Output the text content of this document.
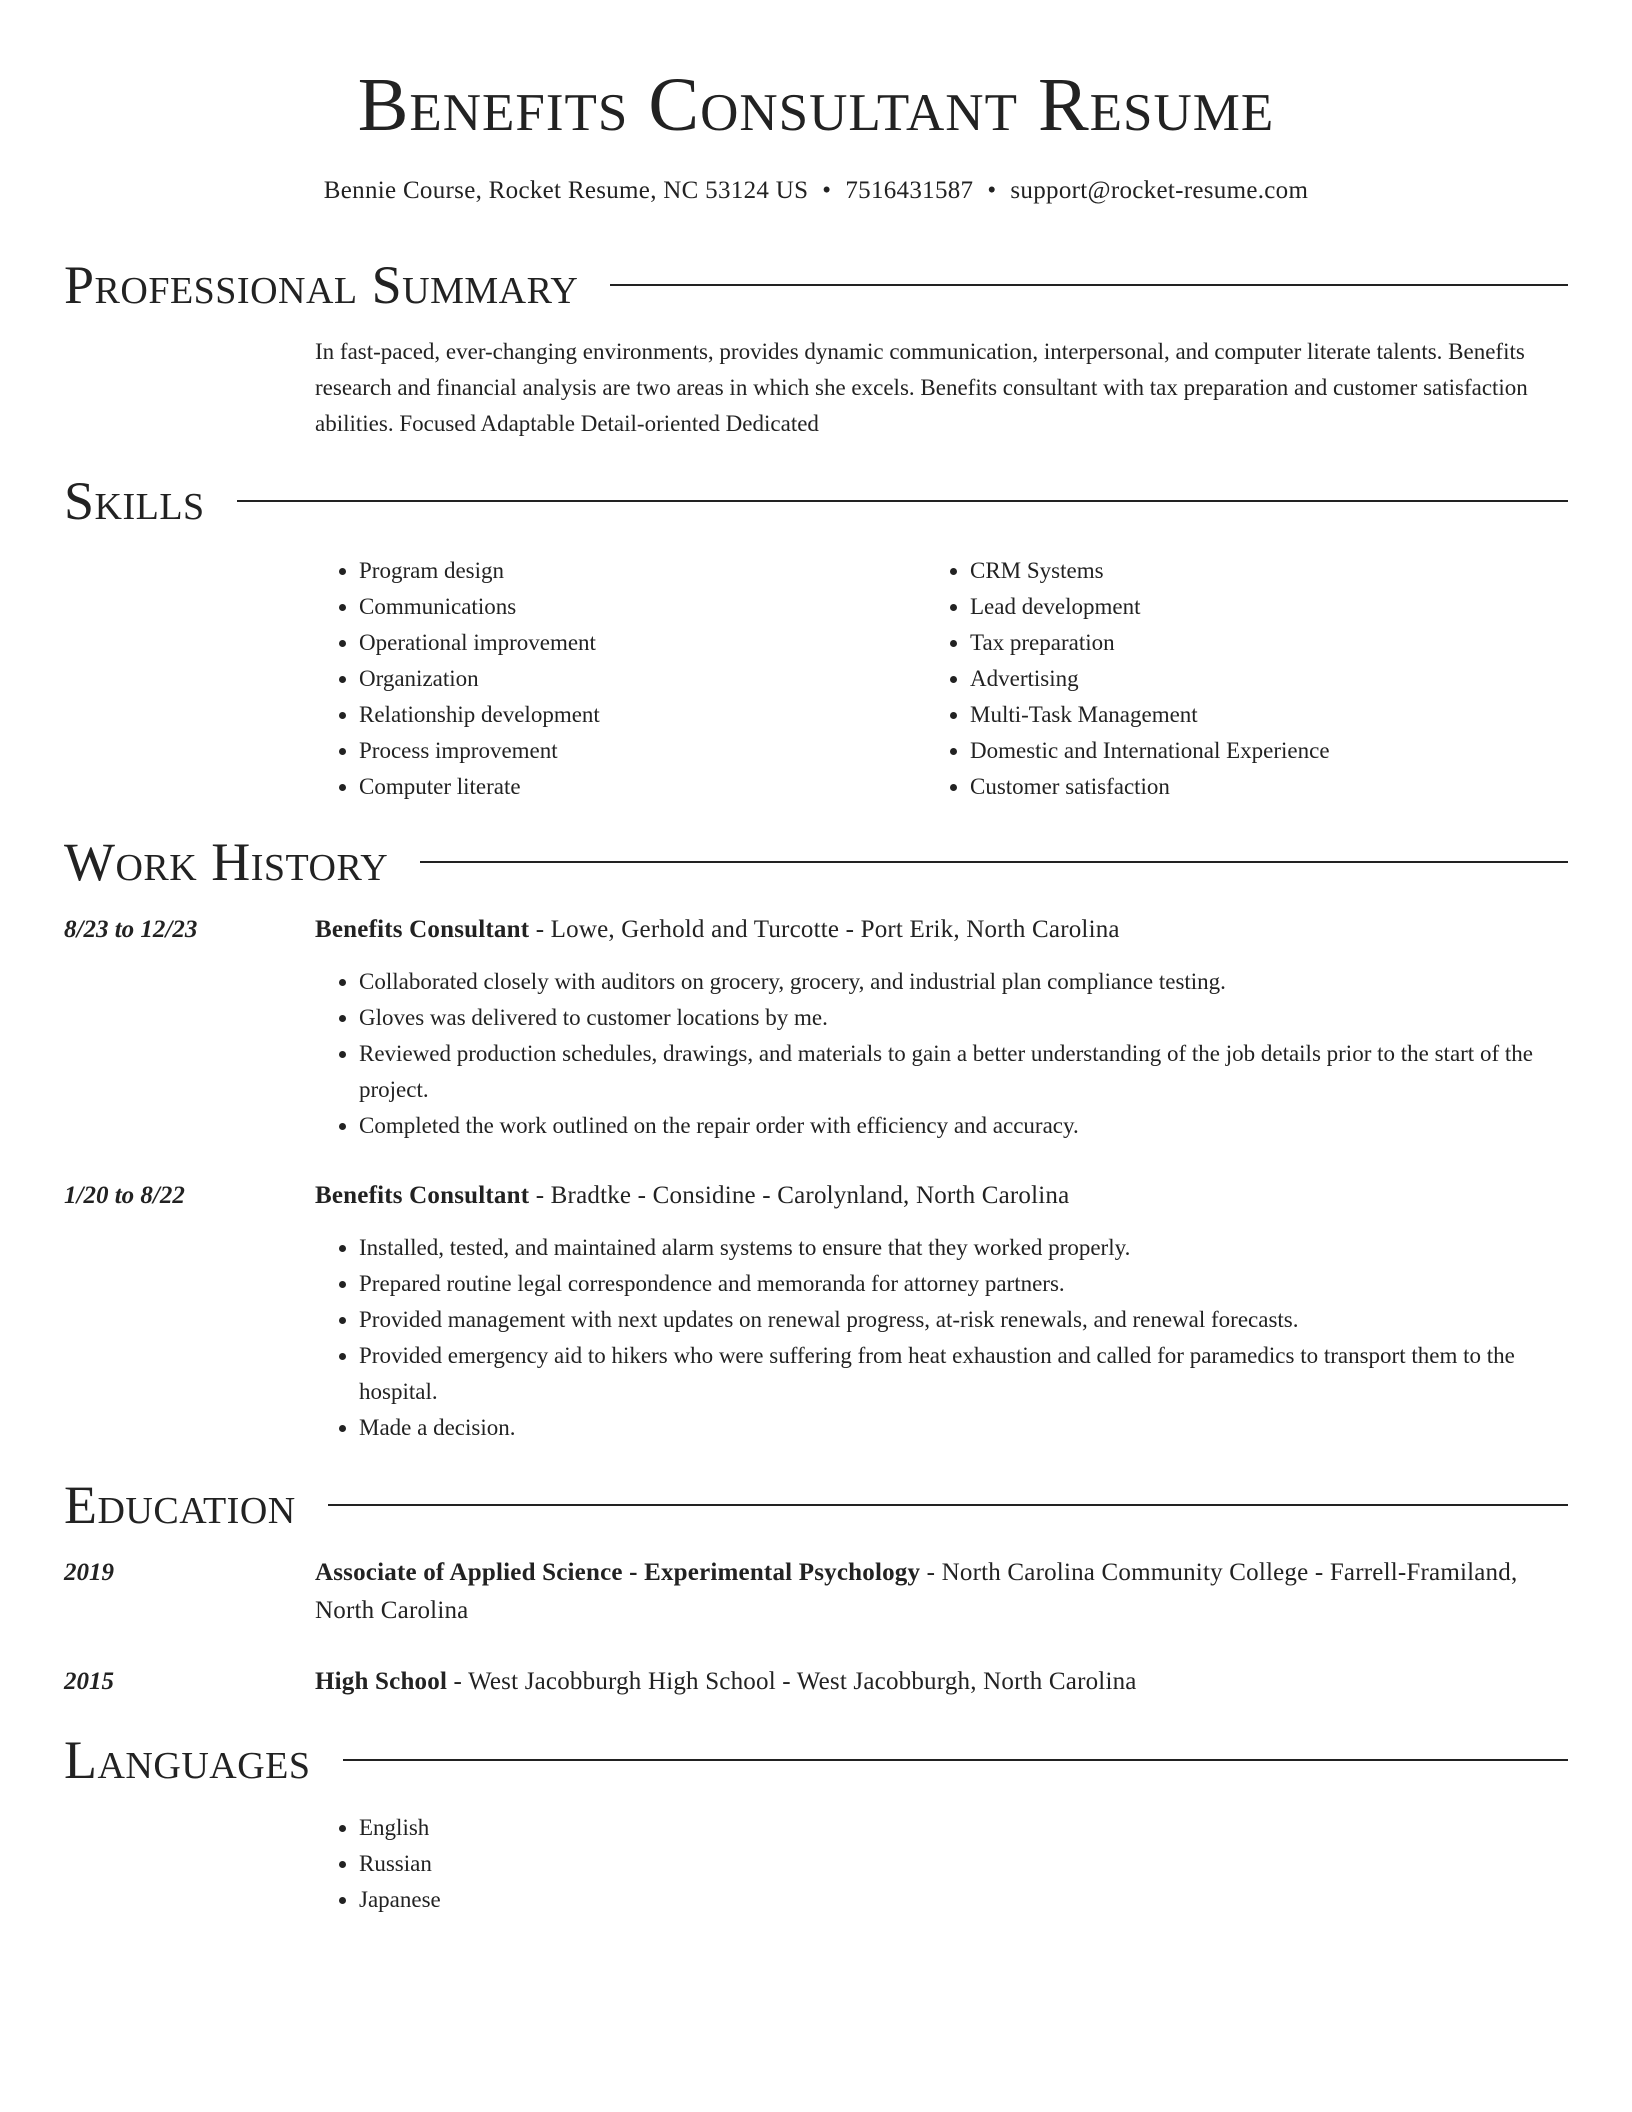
Benefits Consultant Resume
Bennie Course, Rocket Resume, NC 53124 US • 7516431587 • support@rocket-resume.com
Professional Summary
In fast-paced, ever-changing environments, provides dynamic communication, interpersonal, and computer literate talents. Benefits research and financial analysis are two areas in which she excels. Benefits consultant with tax preparation and customer satisfaction abilities. Focused Adaptable Detail-oriented Dedicated
Skills
• Program design
• Communications
• Operational improvement
• Organization
• Relationship development
• Process improvement
• Computer literate
• CRM Systems
• Lead development
• Tax preparation
• Advertising
• Multi-Task Management
• Domestic and International Experience
• Customer satisfaction
Work History
8/23 to 12/23	Benefits Consultant - Lowe, Gerhold and Turcotte - Port Erik, North Carolina
• Collaborated closely with auditors on grocery, grocery, and industrial plan compliance testing.
• Gloves was delivered to customer locations by me.
• Reviewed production schedules, drawings, and materials to gain a better understanding of the job details prior to the start of the project.
• Completed the work outlined on the repair order with efficiency and accuracy.
1/20 to 8/22	Benefits Consultant - Bradtke - Considine - Carolynland, North Carolina
• Installed, tested, and maintained alarm systems to ensure that they worked properly.
• Prepared routine legal correspondence and memoranda for attorney partners.
• Provided management with next updates on renewal progress, at-risk renewals, and renewal forecasts.
• Provided emergency aid to hikers who were suffering from heat exhaustion and called for paramedics to transport them to the hospital.
• Made a decision.
Education
2019	Associate of Applied Science - Experimental Psychology - North Carolina Community College - Farrell-Framiland, North Carolina
2015	High School - West Jacobburgh High School - West Jacobburgh, North Carolina
Languages
• English
• Russian
• Japanese
